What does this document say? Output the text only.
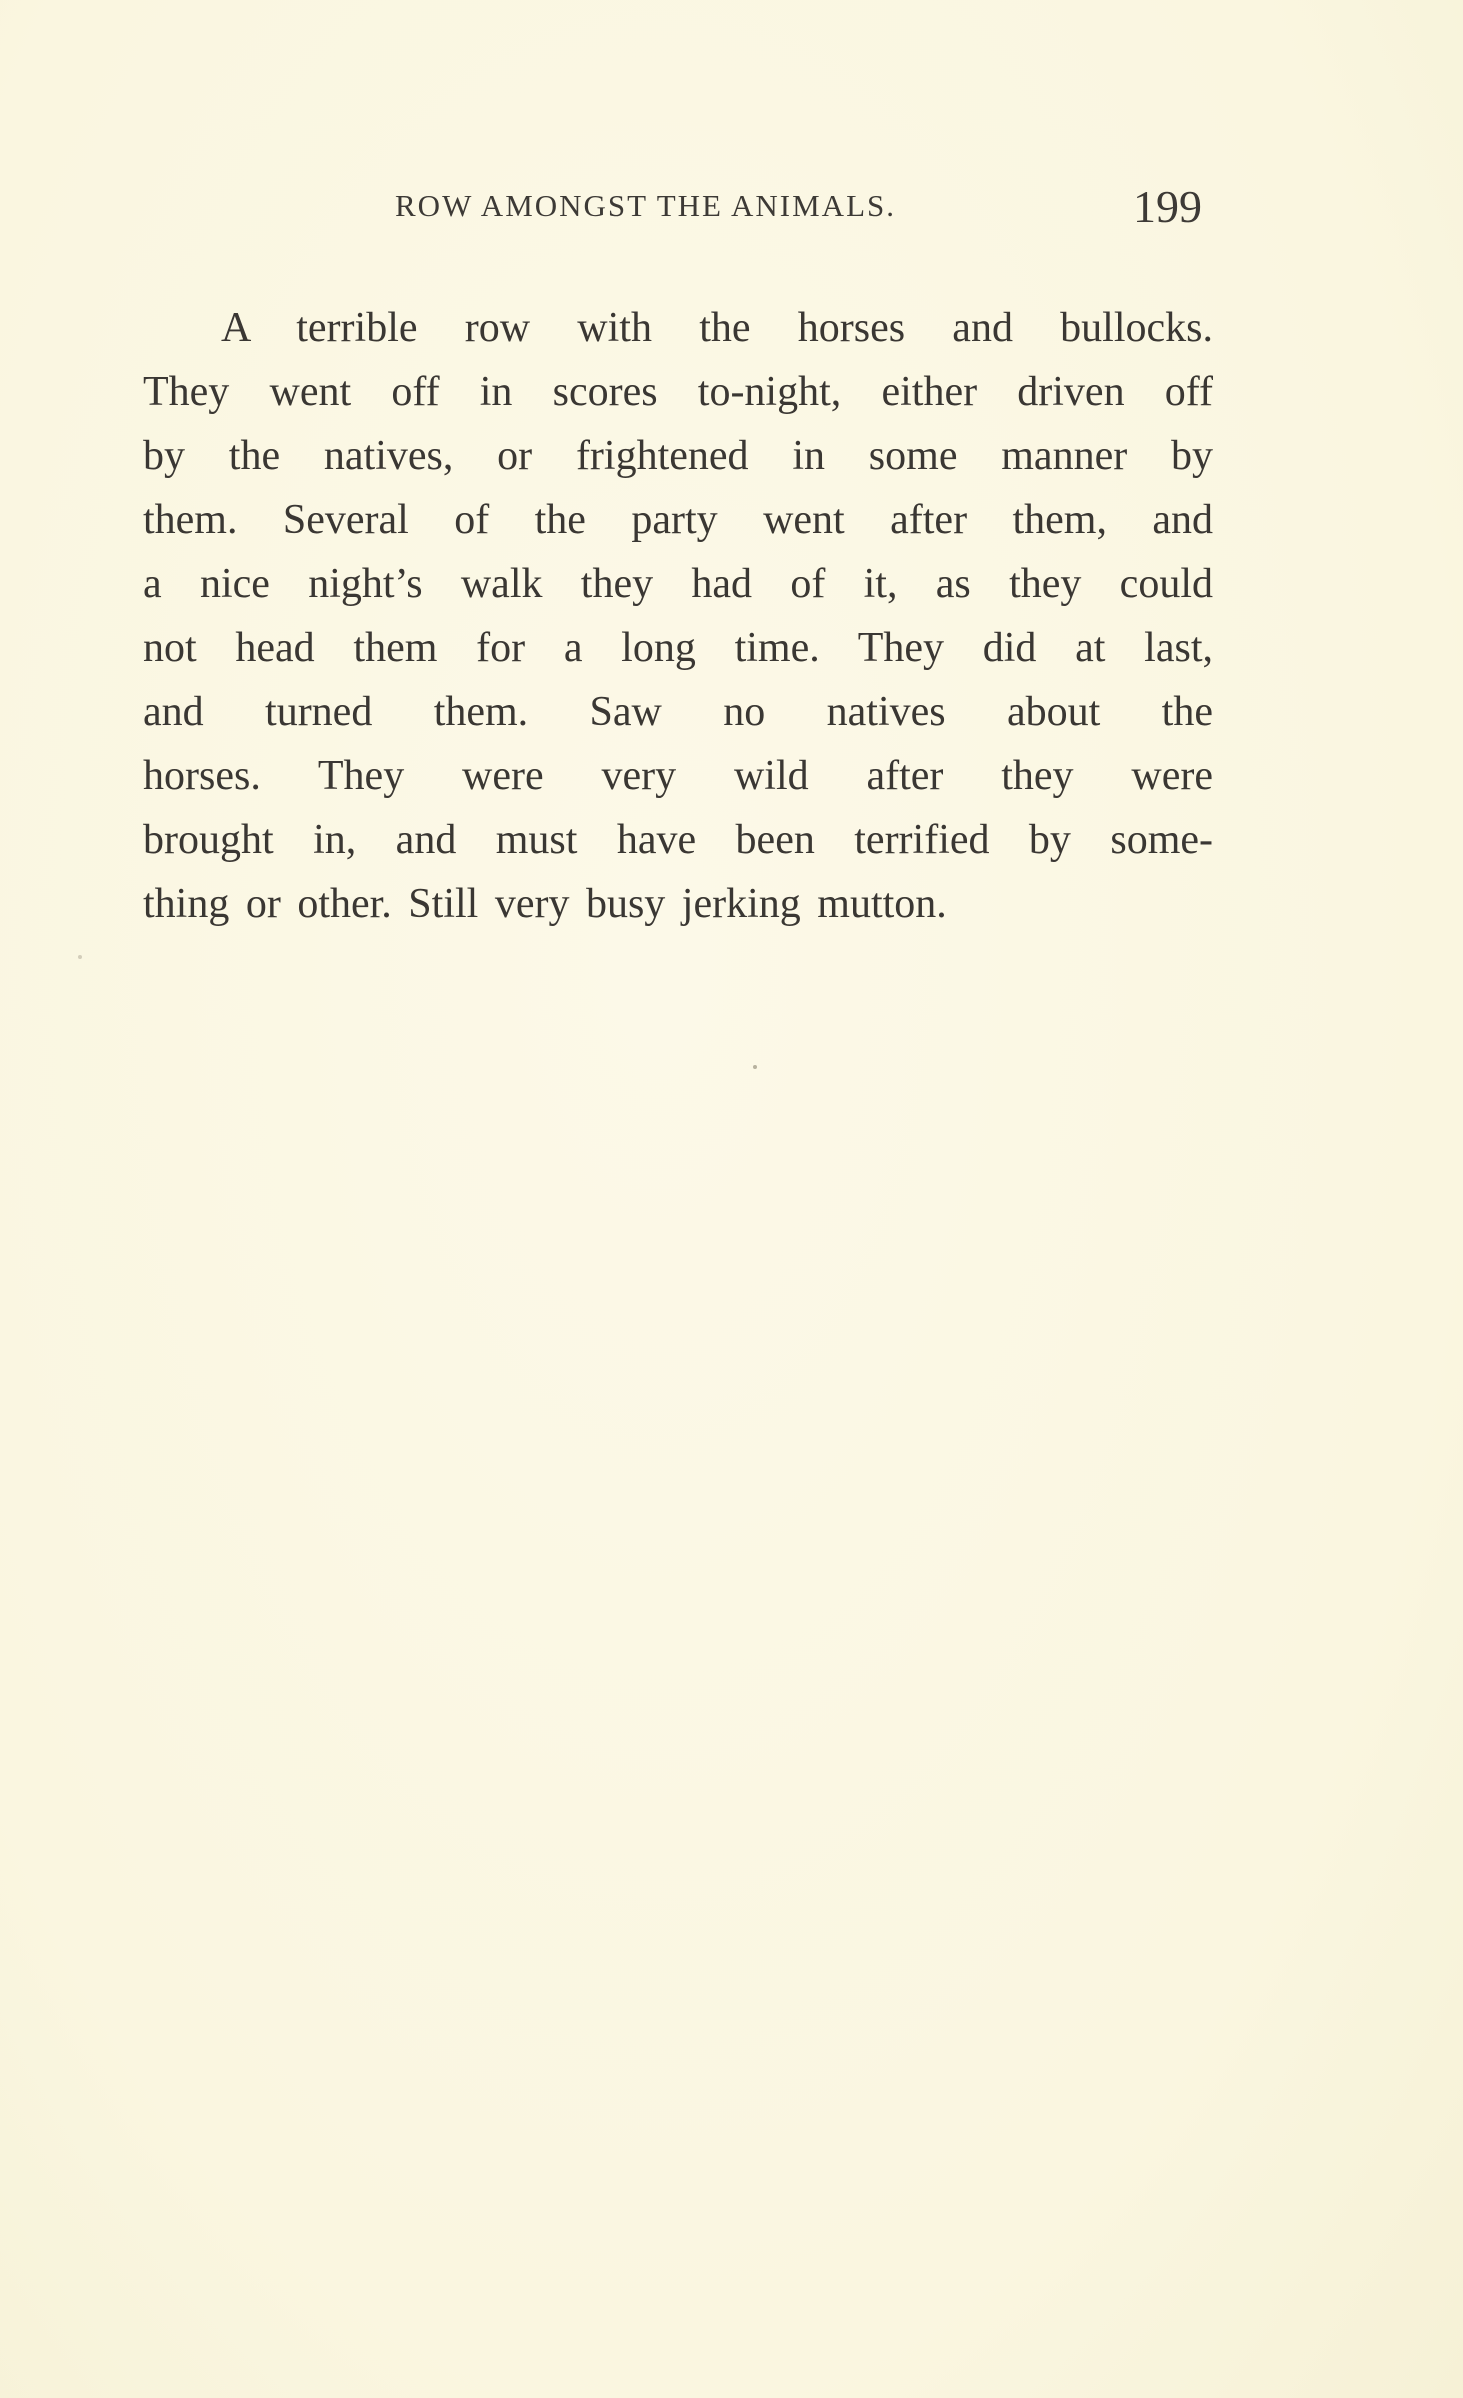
ROW AMONGST THE ANIMALS.	199
A terrible row with the horses and bullocks.
They went off in scores to-night, either driven off
by the natives, or frightened in some manner by
them. Several of the party went after them, and
a nice night’s walk they had of it, as they could
not head them for a long time. They did at last,
and turned them. Saw no natives about the
horses. They were very wild after they were
brought in, and must have been terrified by some-
thing or other. Still very busy jerking mutton.
